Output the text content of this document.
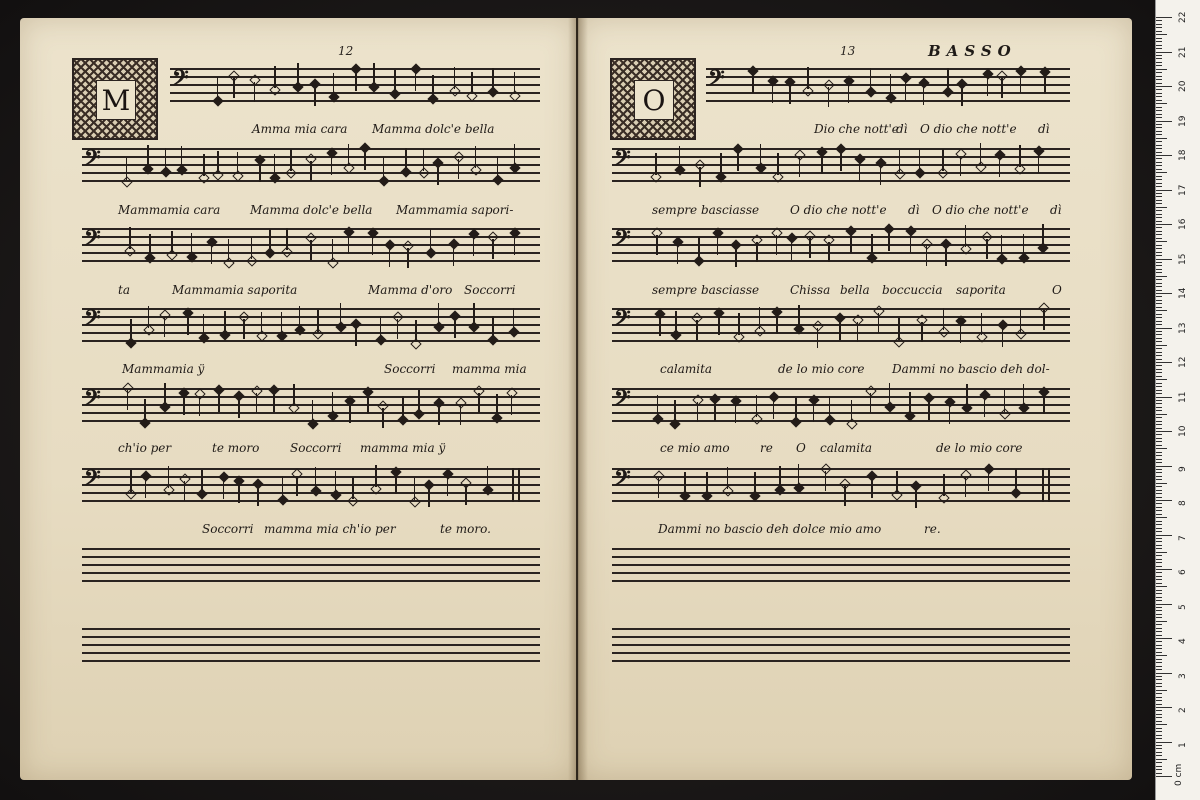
12
M
𝄢
𝄢
𝄢
𝄢
𝄢
𝄢
Amma mia cara Mamma dolc'e bella
Mammamia cara Mamma dolc'e bella Mammamia sapori-
ta	Mammamia saporita	Mamma d'oro Soccorri
Mammamia ÿ	Soccorri mamma mia
ch'io per	te moro	Soccorri mamma mia ÿ
Soccorri mamma mia ch'io per	te moro.
13	BASSO
O
𝄢
𝄢
𝄢
𝄢
𝄢
𝄢
Dio che nott'e
dì O dio che nott'e dì
sempre basciasse	O dio che nott'e dì O dio che nott'e dì
sempre basciasse	Chissa bella boccuccia saporita	O
calamita	de lo mio core Dammi no bascio deh dol-
ce mio amo	re O calamita	de lo mio core
Dammi no bascio deh dolce mio amo	re.
0 cm
1
2
3
4
5
6
7
8
9
10
11
12
13
14
15
16
17
18
19
20
21
22
